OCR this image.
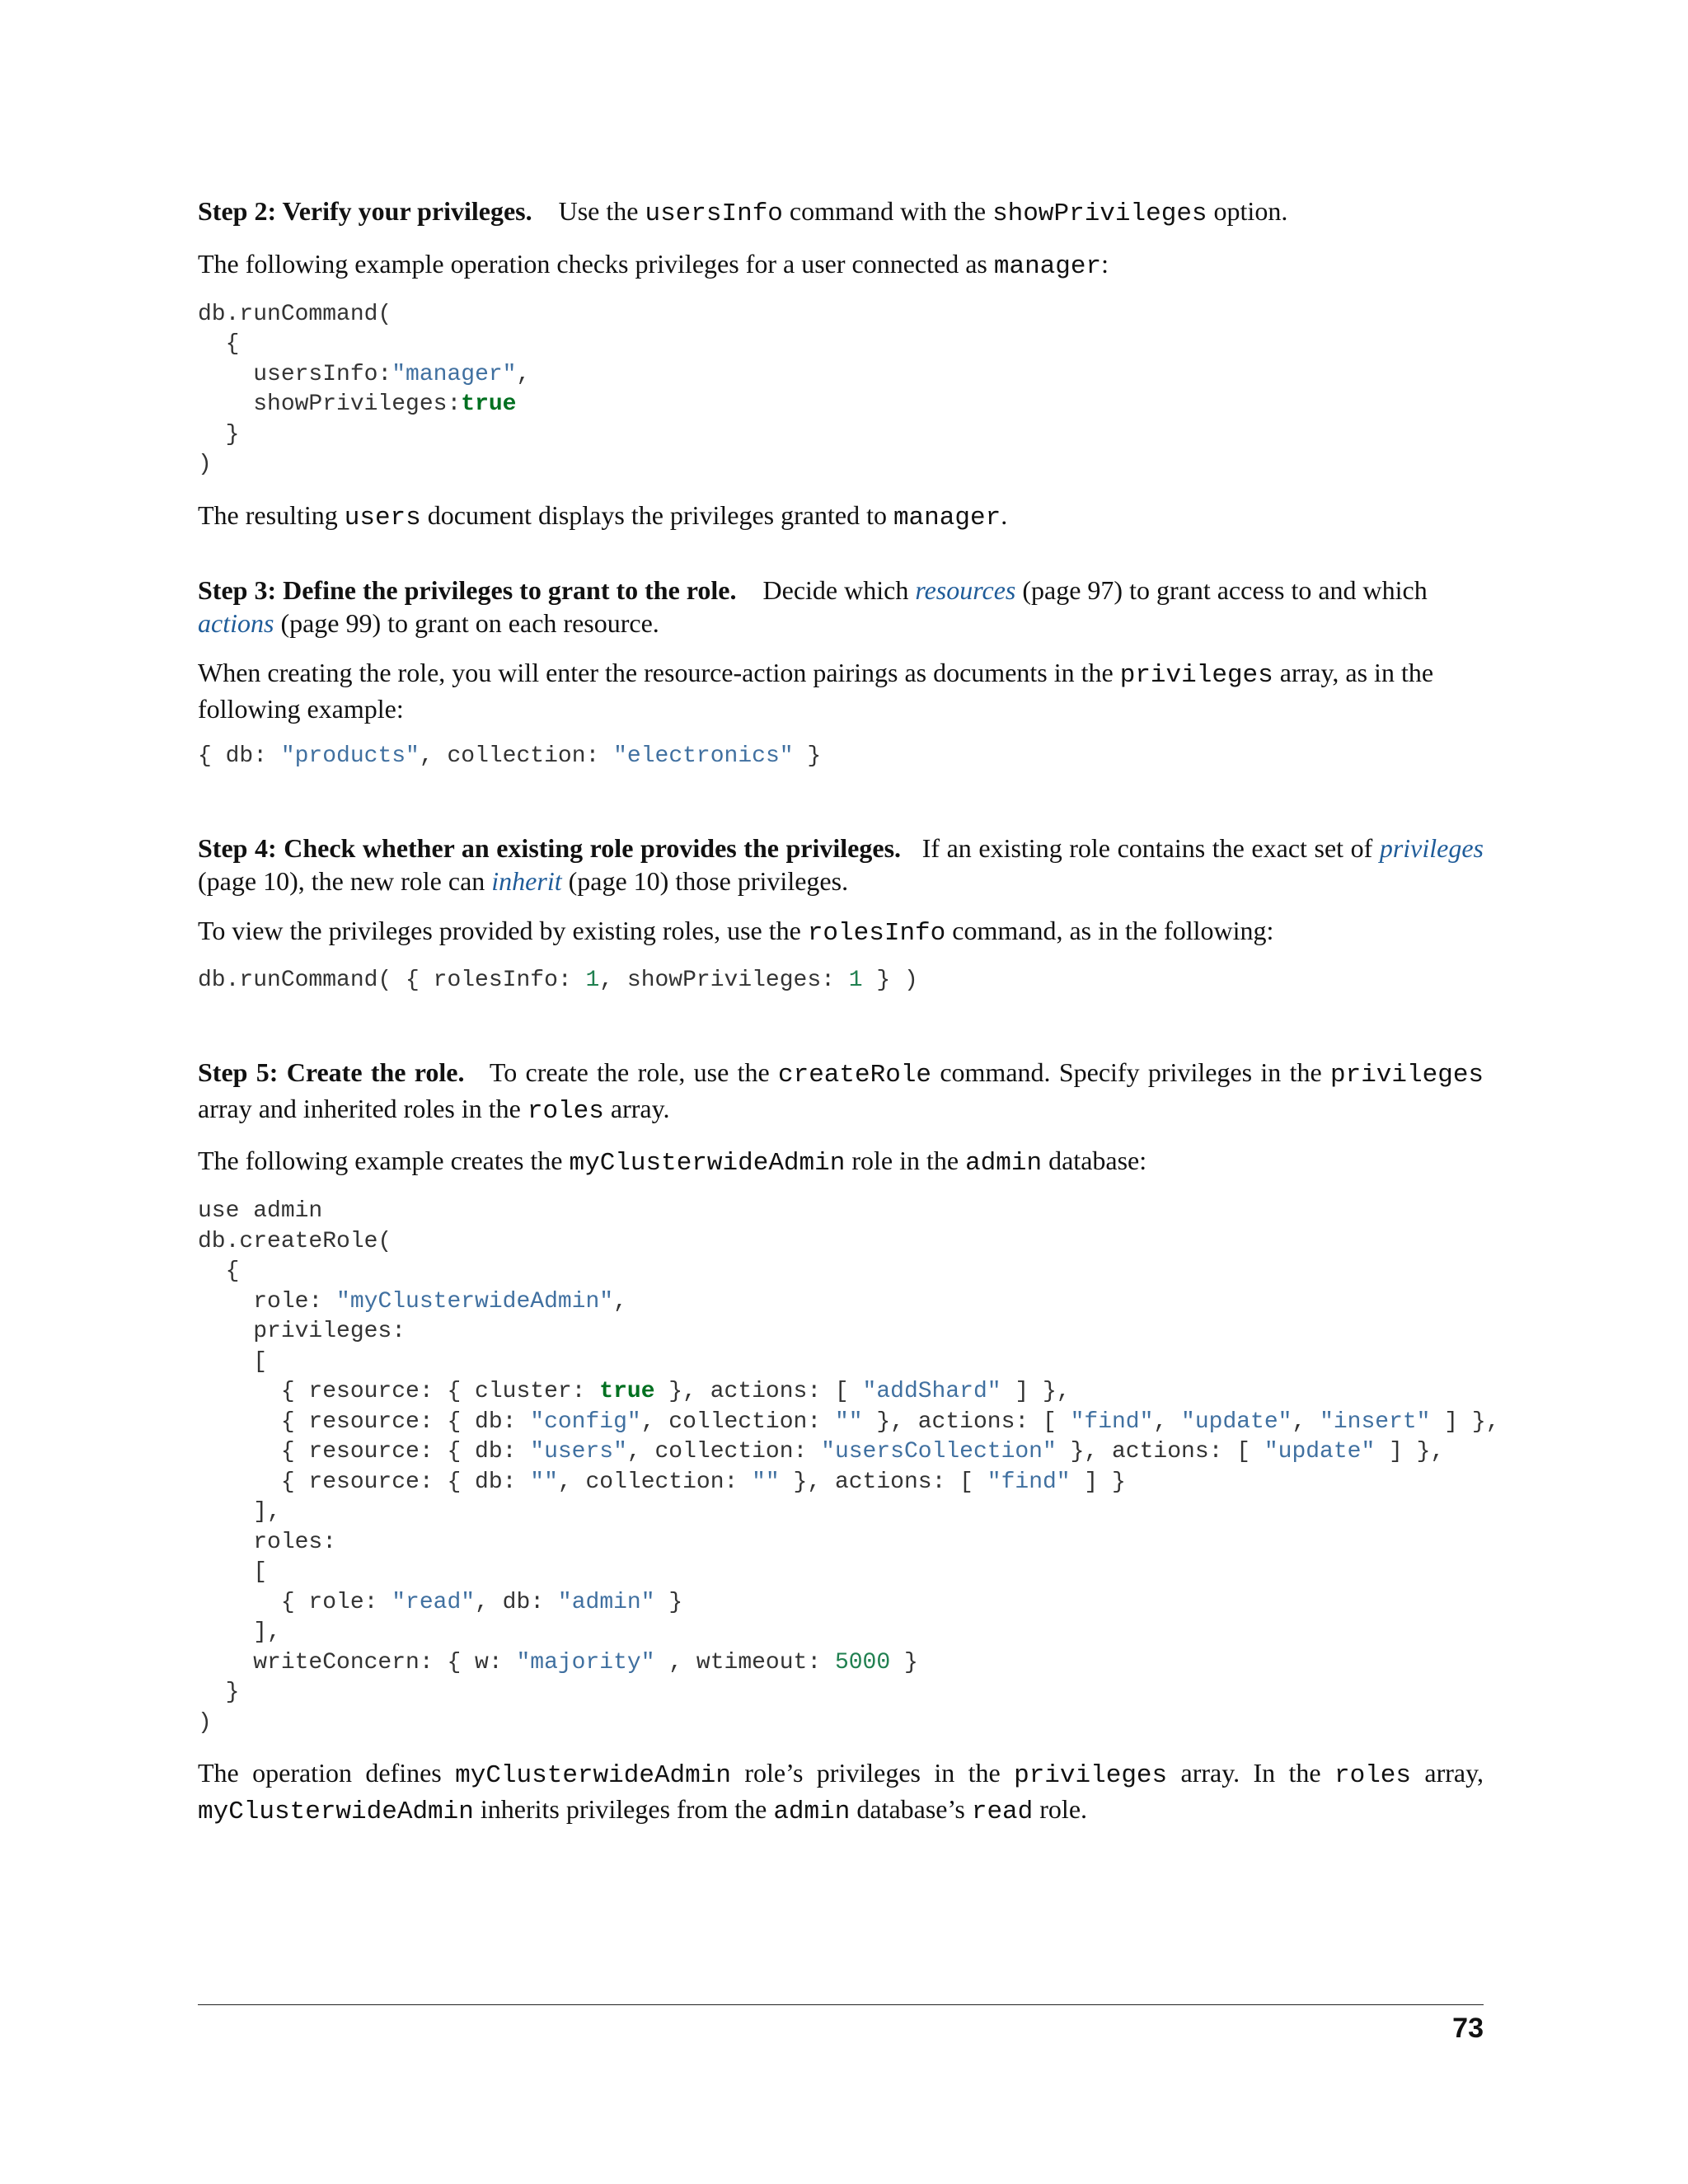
Step 2: Verify your privileges. Use the usersInfo command with the showPrivileges option.

The following example operation checks privileges for a user connected as manager:

db.runCommand(
{
usersInfo:"manager",
showPrivileges:true
}
)

The resulting users document displays the privileges granted to manager.

Step 3: Define the privileges to grant to the role. Decide which resources (page 97) to grant access to and which actions (page 99) to grant on each resource.

When creating the role, you will enter the resource-action pairings as documents in the privileges array, as in the following example:

{ db: "products", collection: "electronics" }

Step 4: Check whether an existing role provides the privileges. If an existing role contains the exact set of privileges (page 10), the new role can inherit (page 10) those privileges.

To view the privileges provided by existing roles, use the rolesInfo command, as in the following:

db.runCommand( { rolesInfo: 1, showPrivileges: 1 } )

Step 5: Create the role. To create the role, use the createRole command. Specify privileges in the privileges array and inherited roles in the roles array.

The following example creates the myClusterwideAdmin role in the admin database:

use admin
db.createRole(
{
role: "myClusterwideAdmin",
privileges:
[
{ resource: { cluster: true }, actions: [ "addShard" ] },
{ resource: { db: "config", collection: "" }, actions: [ "find", "update", "insert" ] },
{ resource: { db: "users", collection: "usersCollection" }, actions: [ "update" ] },
{ resource: { db: "", collection: "" }, actions: [ "find" ] }
],
roles:
[
{ role: "read", db: "admin" }
],
writeConcern: { w: "majority" , wtimeout: 5000 }
}
)

The operation defines myClusterwideAdmin role’s privileges in the privileges array. In the roles array, myClusterwideAdmin inherits privileges from the admin database’s read role.

73
